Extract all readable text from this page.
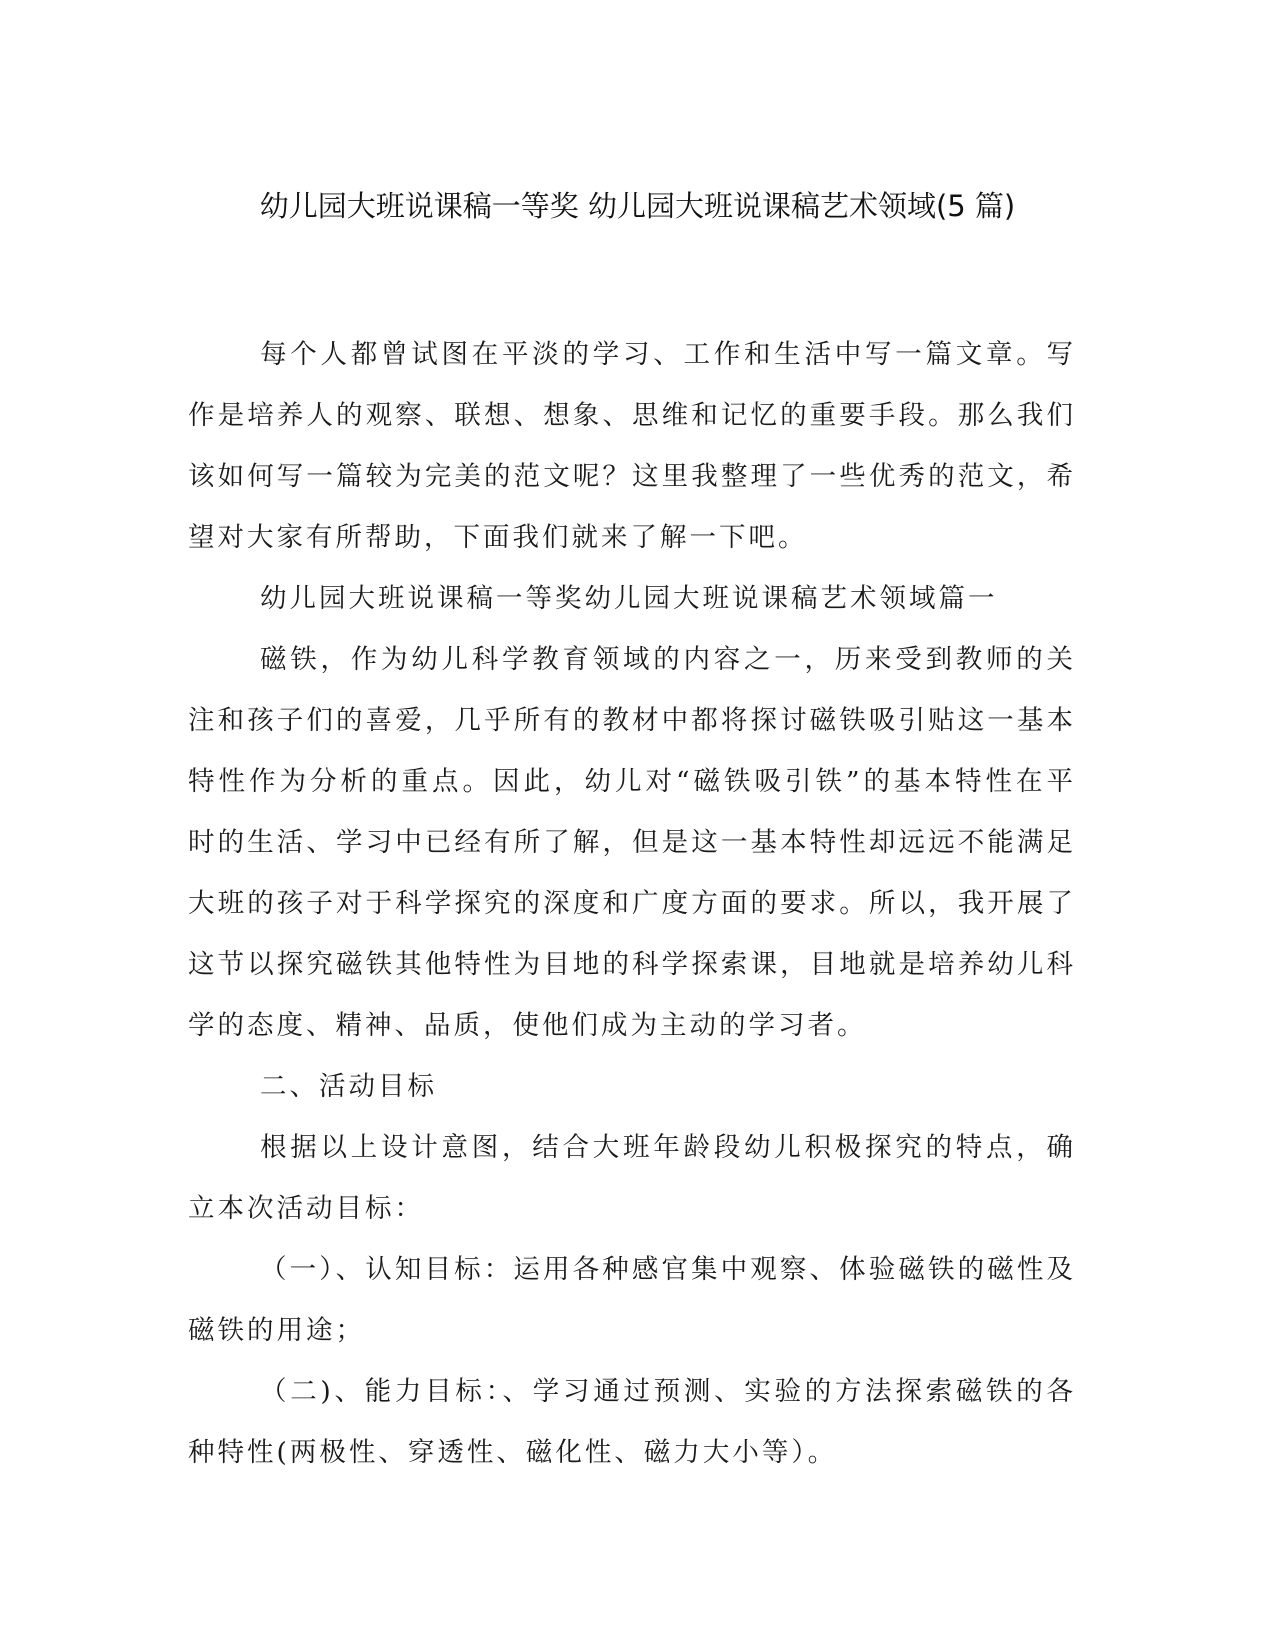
幼儿园大班说课稿一等奖 幼儿园大班说课稿艺术领域(5 篇)

每个人都曾试图在平淡的学习、工作和生活中写一篇文章。写作是培养人的观察、联想、想象、思维和记忆的重要手段。那么我们该如何写一篇较为完美的范文呢？这里我整理了一些优秀的范文，希望对大家有所帮助，下面我们就来了解一下吧。

幼儿园大班说课稿一等奖幼儿园大班说课稿艺术领域篇一

磁铁，作为幼儿科学教育领域的内容之一，历来受到教师的关注和孩子们的喜爱，几乎所有的教材中都将探讨磁铁吸引贴这一基本特性作为分析的重点。因此，幼儿对“磁铁吸引铁”的基本特性在平时的生活、学习中已经有所了解，但是这一基本特性却远远不能满足大班的孩子对于科学探究的深度和广度方面的要求。所以，我开展了这节以探究磁铁其他特性为目地的科学探索课，目地就是培养幼儿科学的态度、精神、品质，使他们成为主动的学习者。

二、活动目标

根据以上设计意图，结合大班年龄段幼儿积极探究的特点，确立本次活动目标：

（一）、认知目标：运用各种感官集中观察、体验磁铁的磁性及磁铁的用途；

（二)、能力目标：、学习通过预测、实验的方法探索磁铁的各种特性(两极性、穿透性、磁化性、磁力大小等）。
